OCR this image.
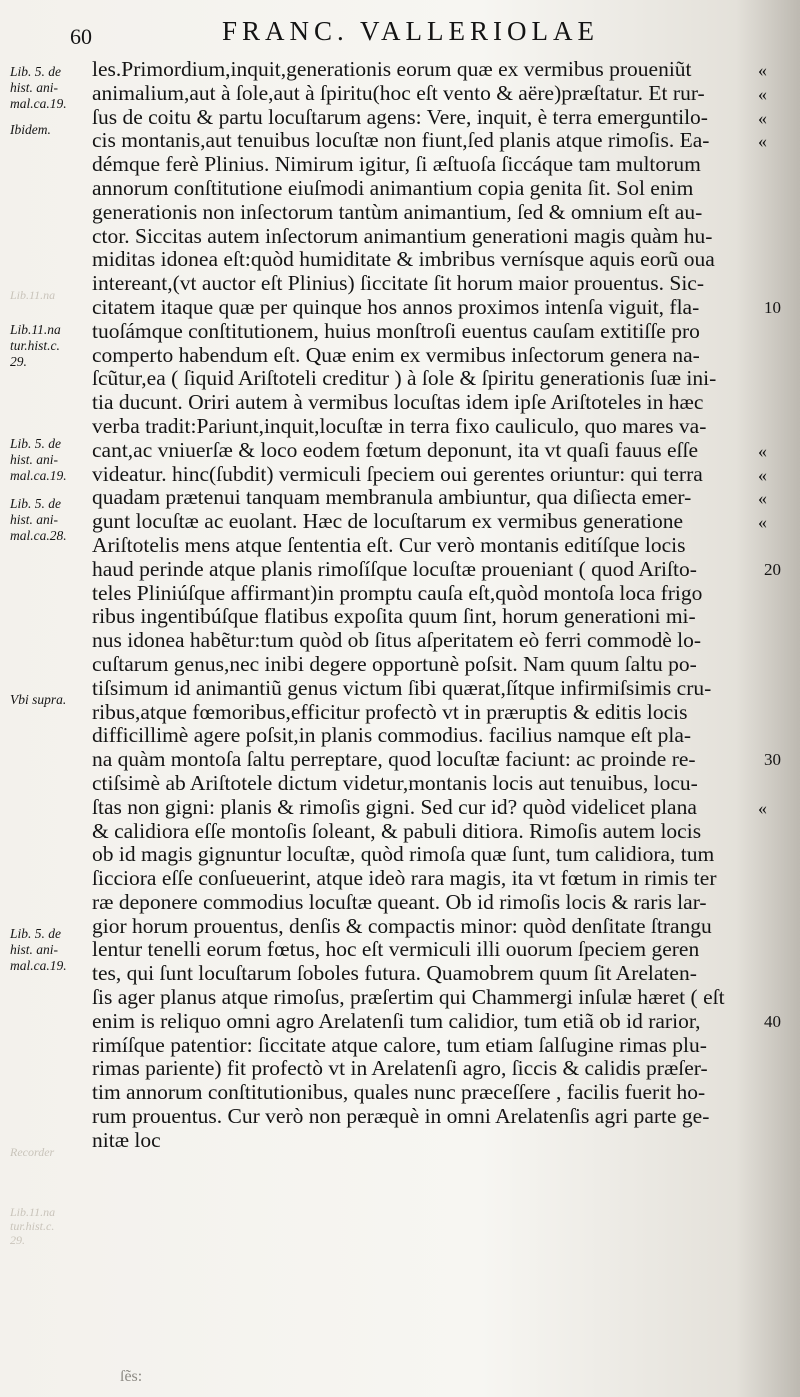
60	FRANC. VALLERIOLAE
Lib. 5. de
hist. ani-
mal.ca.19.
Ibidem.
Lib.11.na
tur.hist.c.
29.
Lib. 5. de
hist. ani-
mal.ca.19.
Lib. 5. de
hist. ani-
mal.ca.28.
Vbi supra.
Lib. 5. de
hist. ani-
mal.ca.19.
Lib.11.na
Lib.11.na
tur.hist.c.
29.
Recorder
les.Primordium,inquit,generationis eorum quæ ex vermibus proueniũt
animalium,aut à ſole,aut à ſpiritu(hoc eſt vento & aëre)præſtatur. Et rur-
ſus de coitu & partu locuſtarum agens: Vere, inquit, è terra emerguntilo-
cis montanis,aut tenuibus locuſtæ non fiunt,ſed planis atque rimoſis. Ea-
démque ferè Plinius. Nimirum igitur, ſi æſtuoſa ſiccáque tam multorum
annorum conſtitutione eiuſmodi animantium copia genita ſit. Sol enim
generationis non inſectorum tantùm animantium, ſed & omnium eſt au-
ctor. Siccitas autem inſectorum animantium generationi magis quàm hu-
miditas idonea eſt:quòd humiditate & imbribus vernísque aquis eorũ oua
intereant,(vt auctor eſt Plinius) ſiccitate ſit horum maior prouentus. Sic-
citatem itaque quæ per quinque hos annos proximos intenſa viguit, fla-
tuoſámque conſtitutionem, huius monſtroſi euentus cauſam extitiſſe pro
comperto habendum eſt. Quæ enim ex vermibus inſectorum genera na-
ſcũtur,ea ( ſiquid Ariſtoteli creditur ) à ſole & ſpiritu generationis ſuæ ini-
tia ducunt. Oriri autem à vermibus locuſtas idem ipſe Ariſtoteles in hæc
verba tradit:Pariunt,inquit,locuſtæ in terra fixo cauliculo, quo mares va-
cant,ac vniuerſæ & loco eodem fœtum deponunt, ita vt quaſi fauus eſſe
videatur. hinc(ſubdit) vermiculi ſpeciem oui gerentes oriuntur: qui terra
quadam prætenui tanquam membranula ambiuntur, qua diſiecta emer-
gunt locuſtæ ac euolant. Hæc de locuſtarum ex vermibus generatione
Ariſtotelis mens atque ſententia eſt. Cur verò montanis editíſque locis
haud perinde atque planis rimoſíſque locuſtæ proueniant ( quod Ariſto-
teles Pliniúſque affirmant)in promptu cauſa eſt,quòd montoſa loca frigo
ribus ingentibúſque flatibus expoſita quum ſint, horum generationi mi-
nus idonea habẽtur:tum quòd ob ſitus aſperitatem eò ferri commodè lo-
cuſtarum genus,nec inibi degere opportunè poſsit. Nam quum ſaltu po-
tiſsimum id animantiũ genus victum ſibi quærat,ſítque infirmiſsimis cru-
ribus,atque fœmoribus,efficitur profectò vt in præruptis & editis locis
difficillimè agere poſsit,in planis commodius. facilius namque eſt pla-
na quàm montoſa ſaltu perreptare, quod locuſtæ faciunt: ac proinde re-
ctiſsimè ab Ariſtotele dictum videtur,montanis locis aut tenuibus, locu-
ſtas non gigni: planis & rimoſis gigni. Sed cur id? quòd videlicet plana
& calidiora eſſe montoſis ſoleant, & pabuli ditiora. Rimoſis autem locis
ob id magis gignuntur locuſtæ, quòd rimoſa quæ ſunt, tum calidiora, tum
ſicciora eſſe conſueuerint, atque ideò rara magis, ita vt fœtum in rimis ter
ræ deponere commodius locuſtæ queant. Ob id rimoſis locis & raris lar-
gior horum prouentus, denſis & compactis minor: quòd denſitate ſtrangu
lentur tenelli eorum fœtus, hoc eſt vermiculi illi ouorum ſpeciem geren
tes, qui ſunt locuſtarum ſoboles futura. Quamobrem quum ſit Arelaten-
ſis ager planus atque rimoſus, præſertim qui Chammergi inſulæ hæret ( eſt
enim is reliquo omni agro Arelatenſi tum calidior, tum etiã ob id rarior,
rimíſque patentior: ſiccitate atque calore, tum etiam ſalſugine rimas plu-
rimas pariente) fit profectò vt in Arelatenſi agro, ſiccis & calidis præſer-
tim annorum conſtitutionibus, quales nunc præceſſere , facilis fuerit ho-
rum prouentus. Cur verò non peræquè in omni Arelatenſis agri parte ge-
nitæ loc
«
«
«
«
«
«
«
«
«
10
20
30
40
ſẽs:
